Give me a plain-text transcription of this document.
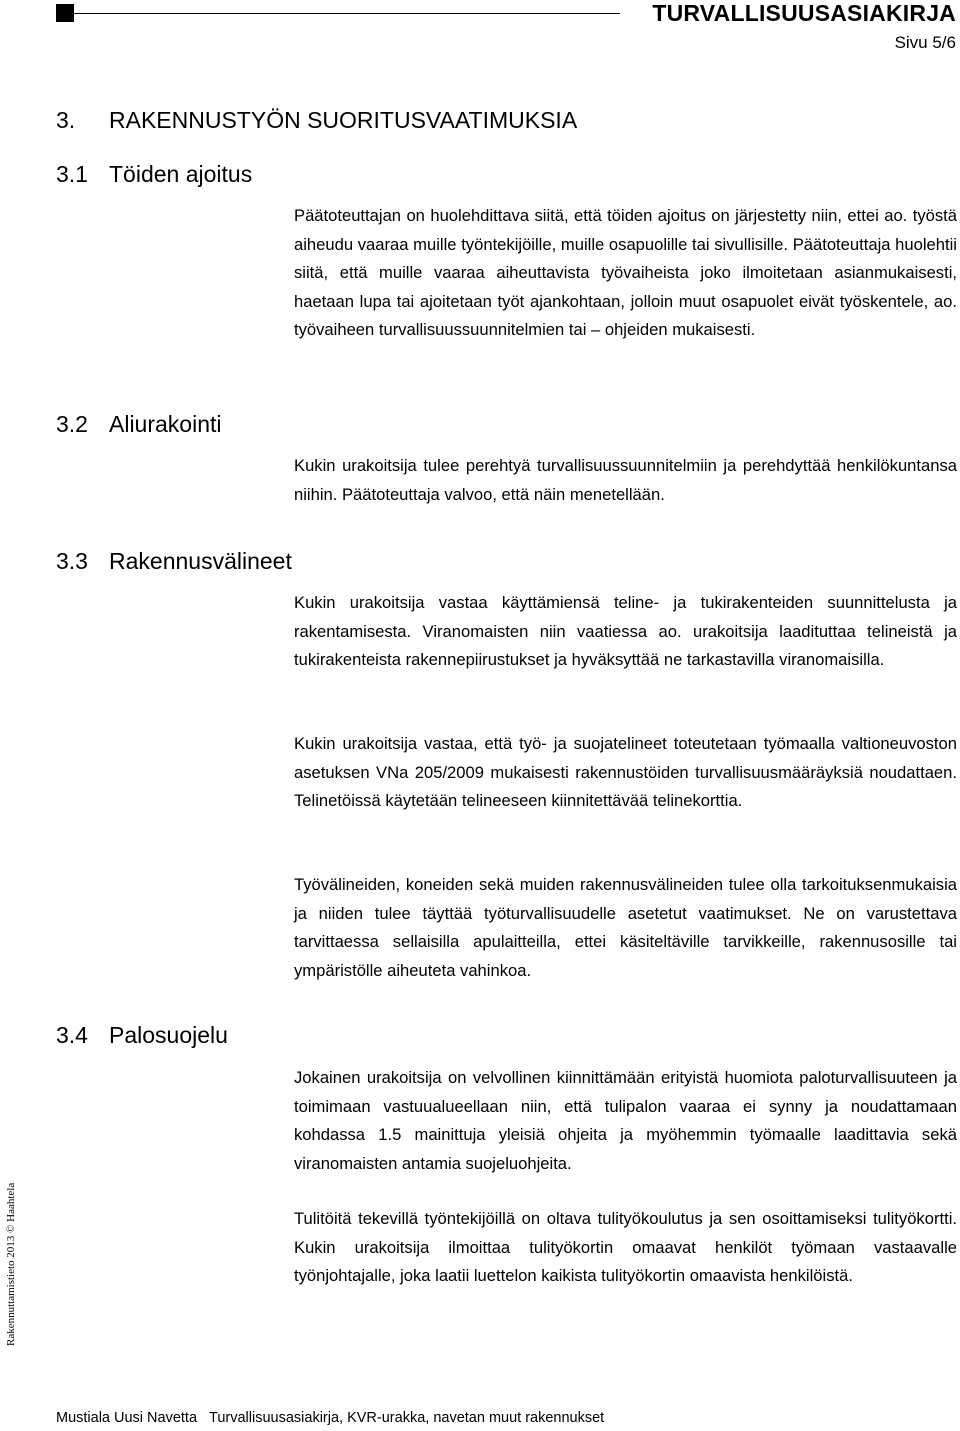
TURVALLISUUSASIAKIRJA
Sivu 5/6
3. RAKENNUSTYÖN SUORITUSVAATIMUKSIA
3.1 Töiden ajoitus

Päätoteuttajan on huolehdittava siitä, että töiden ajoitus on järjestetty niin, ettei ao. työstä aiheudu vaaraa muille työntekijöille, muille osapuolille tai sivullisille. Päätoteuttaja huolehtii siitä, että muille vaaraa aiheuttavista työvaiheista joko ilmoitetaan asianmukaisesti, haetaan lupa tai ajoitetaan työt ajankohtaan, jolloin muut osapuolet eivät työskentele, ao. työvaiheen turvallisuussuunnitelmien tai – ohjeiden mukaisesti.

3.2 Aliurakointi

Kukin urakoitsija tulee perehtyä turvallisuussuunnitelmiin ja perehdyttää henkilökuntansa niihin. Päätoteuttaja valvoo, että näin menetellään.

3.3 Rakennusvälineet

Kukin urakoitsija vastaa käyttämiensä teline- ja tukirakenteiden suunnittelusta ja rakentamisesta. Viranomaisten niin vaatiessa ao. urakoitsija laadituttaa telineistä ja tukirakenteista rakennepiirustukset ja hyväksyttää ne tarkastavilla viranomaisilla.

Kukin urakoitsija vastaa, että työ- ja suojatelineet toteutetaan työmaalla valtioneuvoston asetuksen VNa 205/2009 mukaisesti rakennustöiden turvallisuusmääräyksiä noudattaen. Telinetöissä käytetään telineeseen kiinnitettävää telinekorttia.

Työvälineiden, koneiden sekä muiden rakennusvälineiden tulee olla tarkoituksenmukaisia ja niiden tulee täyttää työturvallisuudelle asetetut vaatimukset. Ne on varustettava tarvittaessa sellaisilla apulaitteilla, ettei käsiteltäville tarvikkeille, rakennusosille tai ympäristölle aiheuteta vahinkoa.

3.4 Palosuojelu

Jokainen urakoitsija on velvollinen kiinnittämään erityistä huomiota paloturvallisuuteen ja toimimaan vastuualueellaan niin, että tulipalon vaaraa ei synny ja noudattamaan kohdassa 1.5 mainittuja yleisiä ohjeita ja myöhemmin työmaalle laadittavia sekä viranomaisten antamia suojeluohjeita.

Tulitöitä tekevillä työntekijöillä on oltava tulityökoulutus ja sen osoittamiseksi tulityökortti. Kukin urakoitsija ilmoittaa tulityökortin omaavat henkilöt työmaan vastaavalle työnjohtajalle, joka laatii luettelon kaikista tulityökortin omaavista henkilöistä.

Rakennuttamistieto 2013 © Haahtela
Mustiala Uusi Navetta Turvallisuusasiakirja, KVR-urakka, navetan muut rakennukset
